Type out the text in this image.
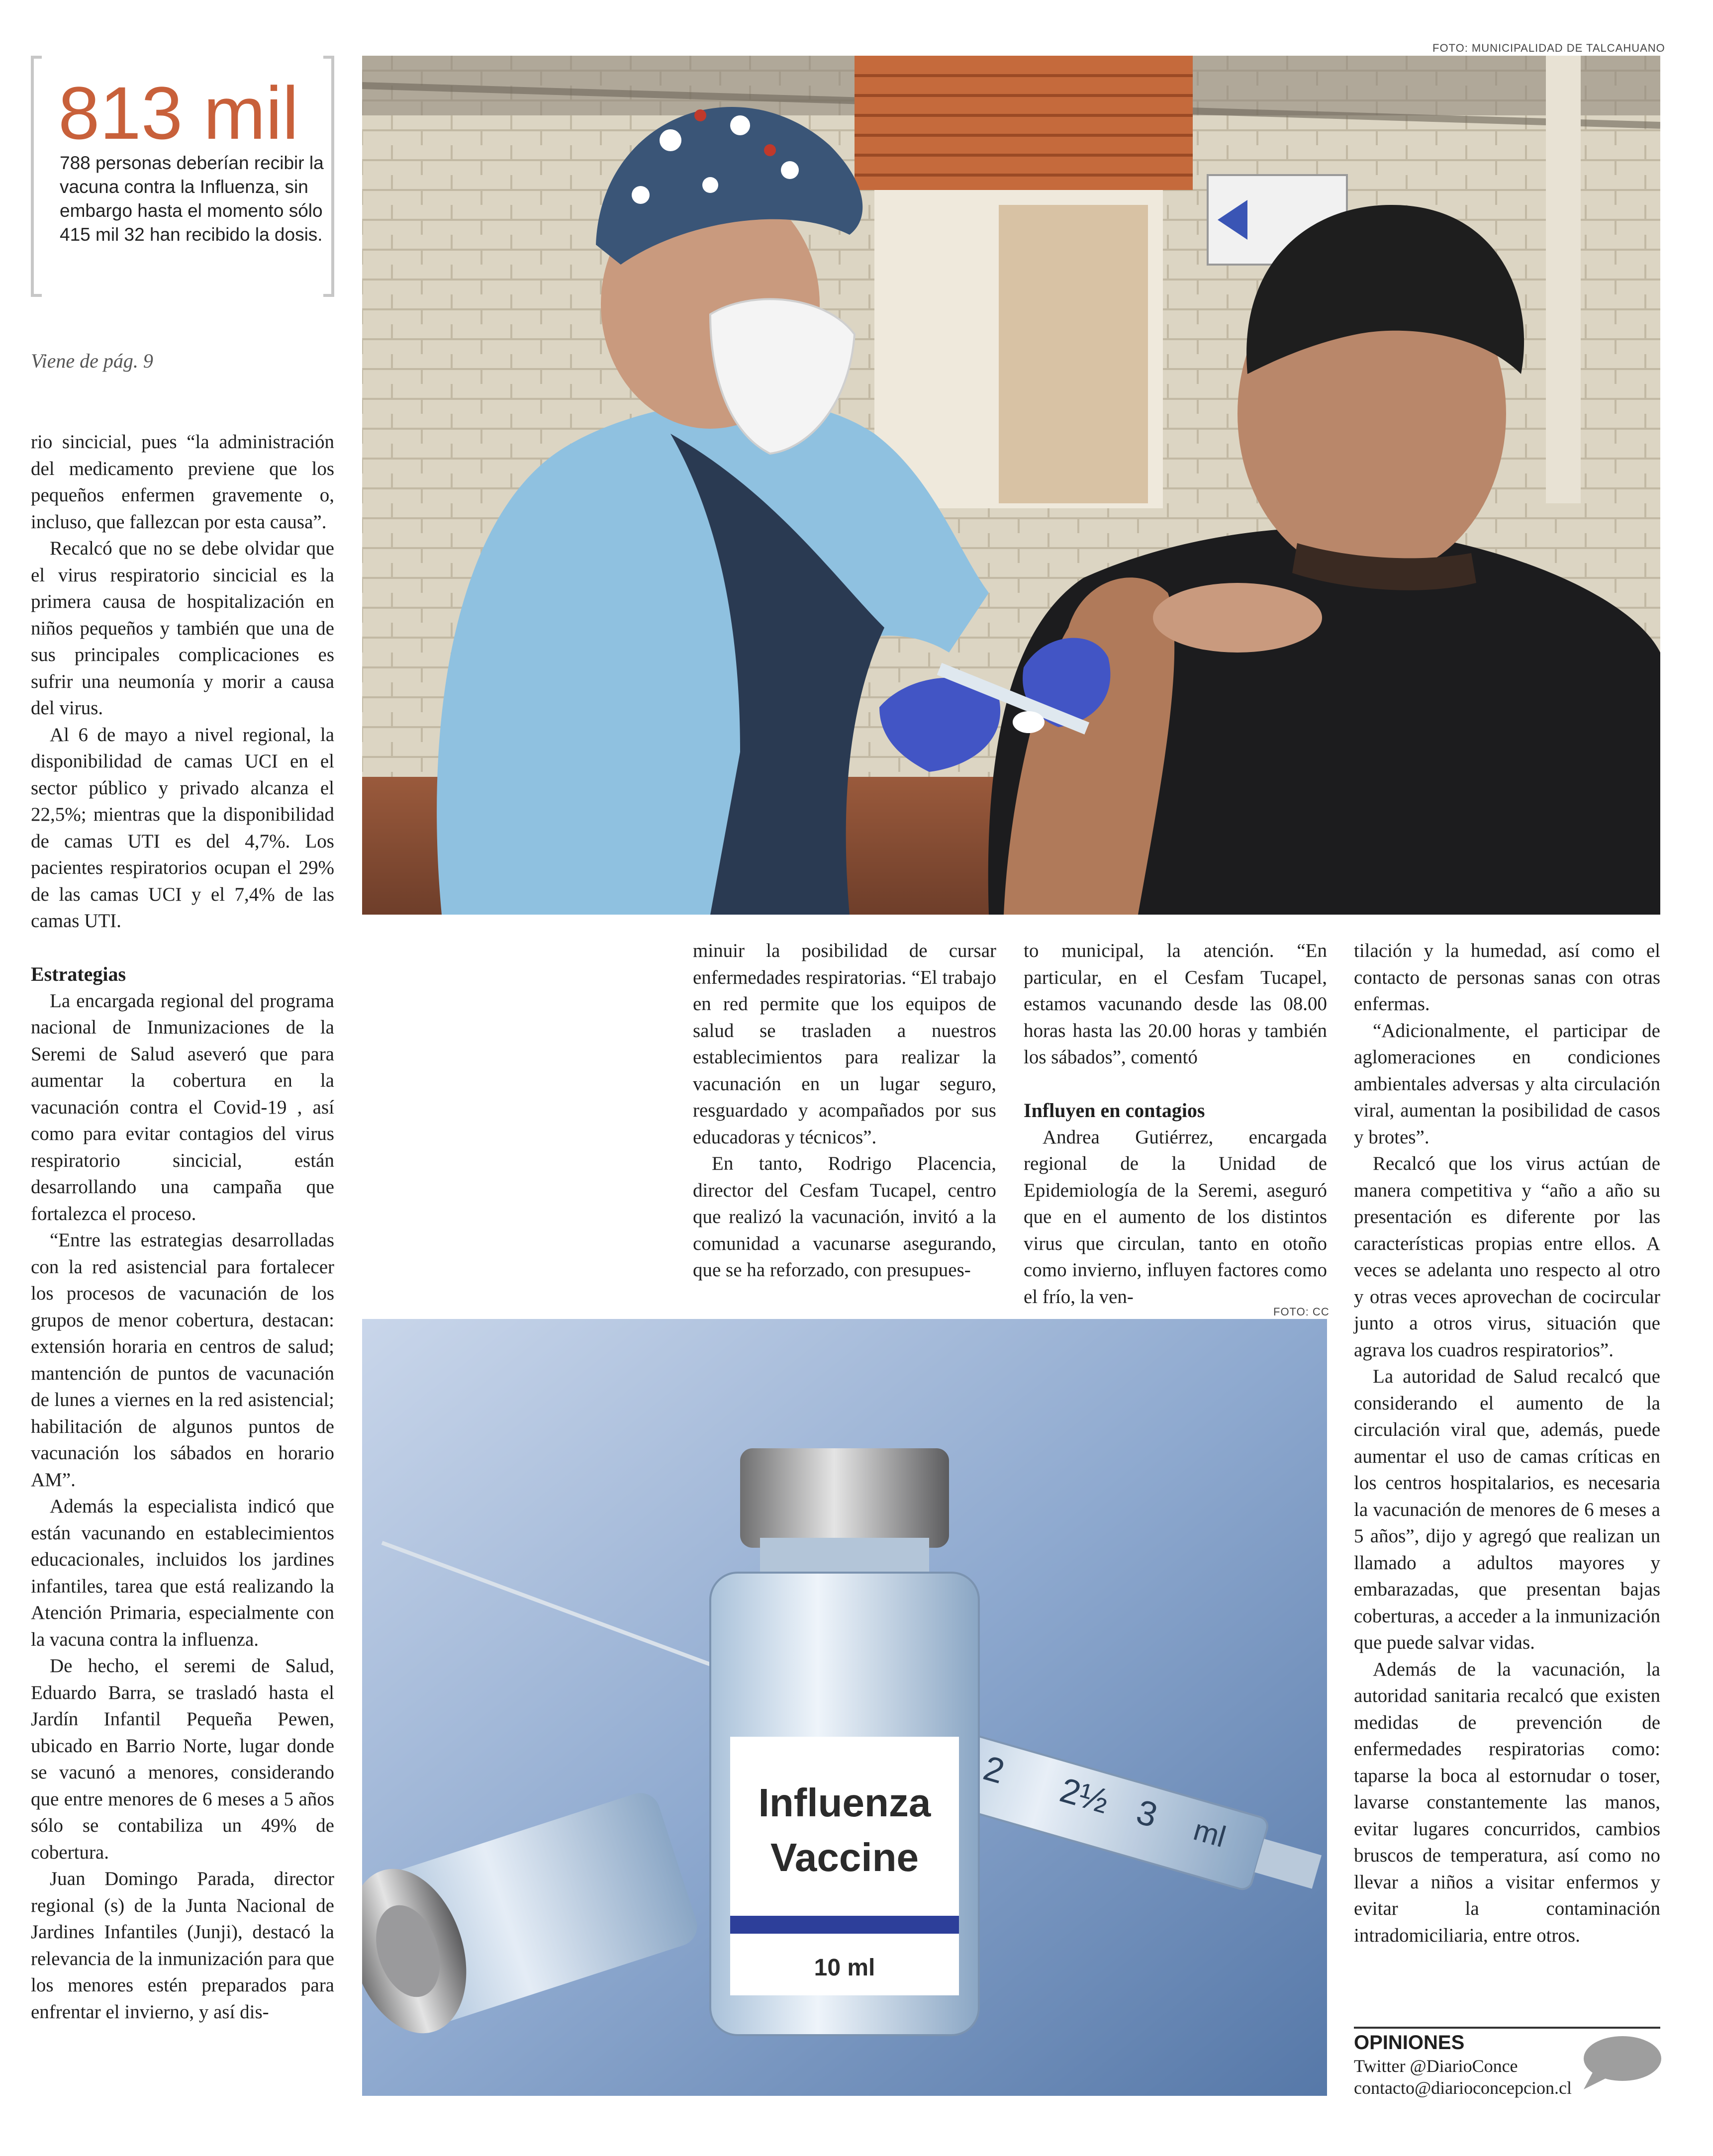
FOTO: MUNICIPALIDAD DE TALCAHUANO
813 mil
788 personas deberían recibir la vacuna contra la Influenza, sin embargo hasta el momento sólo 415 mil 32 han recibido la dosis.
Viene de pág. 9
FOTO: CC
2
2½ 3 ml
Influenza
Vaccine
10 ml

rio sincicial, pues “la administración del medicamento previene que los pequeños enfermen gravemente o, incluso, que fallezcan por esta causa”.

Recalcó que no se debe olvidar que el virus respiratorio sincicial es la primera causa de hospitalización en niños pequeños y también que una de sus principales complicaciones es sufrir una neumonía y morir a causa del virus.

Al 6 de mayo a nivel regional, la disponibilidad de camas UCI en el sector público y privado alcanza el 22,5%; mientras que la disponibilidad de camas UTI es del 4,7%. Los pacientes respiratorios ocupan el 29% de las camas UCI y el 7,4% de las camas UTI.

Estrategias

La encargada regional del programa nacional de Inmunizaciones de la Seremi de Salud aseveró que para aumentar la cobertura en la vacunación contra el Covid-19 , así como para evitar contagios del virus respiratorio sincicial, están desarrollando una campaña que fortalezca el proceso.

“Entre las estrategias desarrolladas con la red asistencial para fortalecer los procesos de vacunación de los grupos de menor cobertura, destacan: extensión horaria en centros de salud; mantención de puntos de vacunación de lunes a viernes en la red asistencial; habilitación de algunos puntos de vacunación los sábados en horario AM”.

Además la especialista indicó que están vacunando en establecimientos educacionales, incluidos los jardines infantiles, tarea que está realizando la Atención Primaria, especialmente con la vacuna contra la influenza.

De hecho, el seremi de Salud, Eduardo Barra, se trasladó hasta el Jardín Infantil Pequeña Pewen, ubicado en Barrio Norte, lugar donde se vacunó a menores, considerando que entre menores de 6 meses a 5 años sólo se contabiliza un 49% de cobertura.

Juan Domingo Parada, director regional (s) de la Junta Nacional de Jardines Infantiles (Junji), destacó la relevancia de la inmunización para que los menores estén preparados para enfrentar el invierno, y así dis-

minuir la posibilidad de cursar enfermedades respiratorias. “El trabajo en red permite que los equipos de salud se trasladen a nuestros establecimientos para realizar la vacunación en un lugar seguro, resguardado y acompañados por sus educadoras y técnicos”.

En tanto, Rodrigo Placencia, director del Cesfam Tucapel, centro que realizó la vacunación, invitó a la comunidad a vacunarse asegurando, que se ha reforzado, con presupues-

to municipal, la atención. “En particular, en el Cesfam Tucapel, estamos vacunando desde las 08.00 horas hasta las 20.00 horas y también los sábados”, comentó

Influyen en contagios

Andrea Gutiérrez, encargada regional de la Unidad de Epidemiología de la Seremi, aseguró que en el aumento de los distintos virus que circulan, tanto en otoño como invierno, influyen factores como el frío, la ven-

tilación y la humedad, así como el contacto de personas sanas con otras enfermas.

“Adicionalmente, el participar de aglomeraciones en condiciones ambientales adversas y alta circulación viral, aumentan la posibilidad de casos y brotes”.

Recalcó que los virus actúan de manera competitiva y “año a año su presentación es diferente por las características propias entre ellos. A veces se adelanta uno respecto al otro y otras veces aprovechan de cocircular junto a otros virus, situación que agrava los cuadros respiratorios”.

La autoridad de Salud recalcó que considerando el aumento de la circulación viral que, además, puede aumentar el uso de camas críticas en los centros hospitalarios, es necesaria la vacunación de menores de 6 meses a 5 años”, dijo y agregó que realizan un llamado a adultos mayores y embarazadas, que presentan bajas coberturas, a acceder a la inmunización que puede salvar vidas.

Además de la vacunación, la autoridad sanitaria recalcó que existen medidas de prevención de enfermedades respiratorias como: taparse la boca al estornudar o toser, lavarse constantemente las manos, evitar lugares concurridos, cambios bruscos de temperatura, así como no llevar a niños a visitar enfermos y evitar la contaminación intradomiciliaria, entre otros.

OPINIONES
Twitter @DiarioConce
contacto@diarioconcepcion.cl
